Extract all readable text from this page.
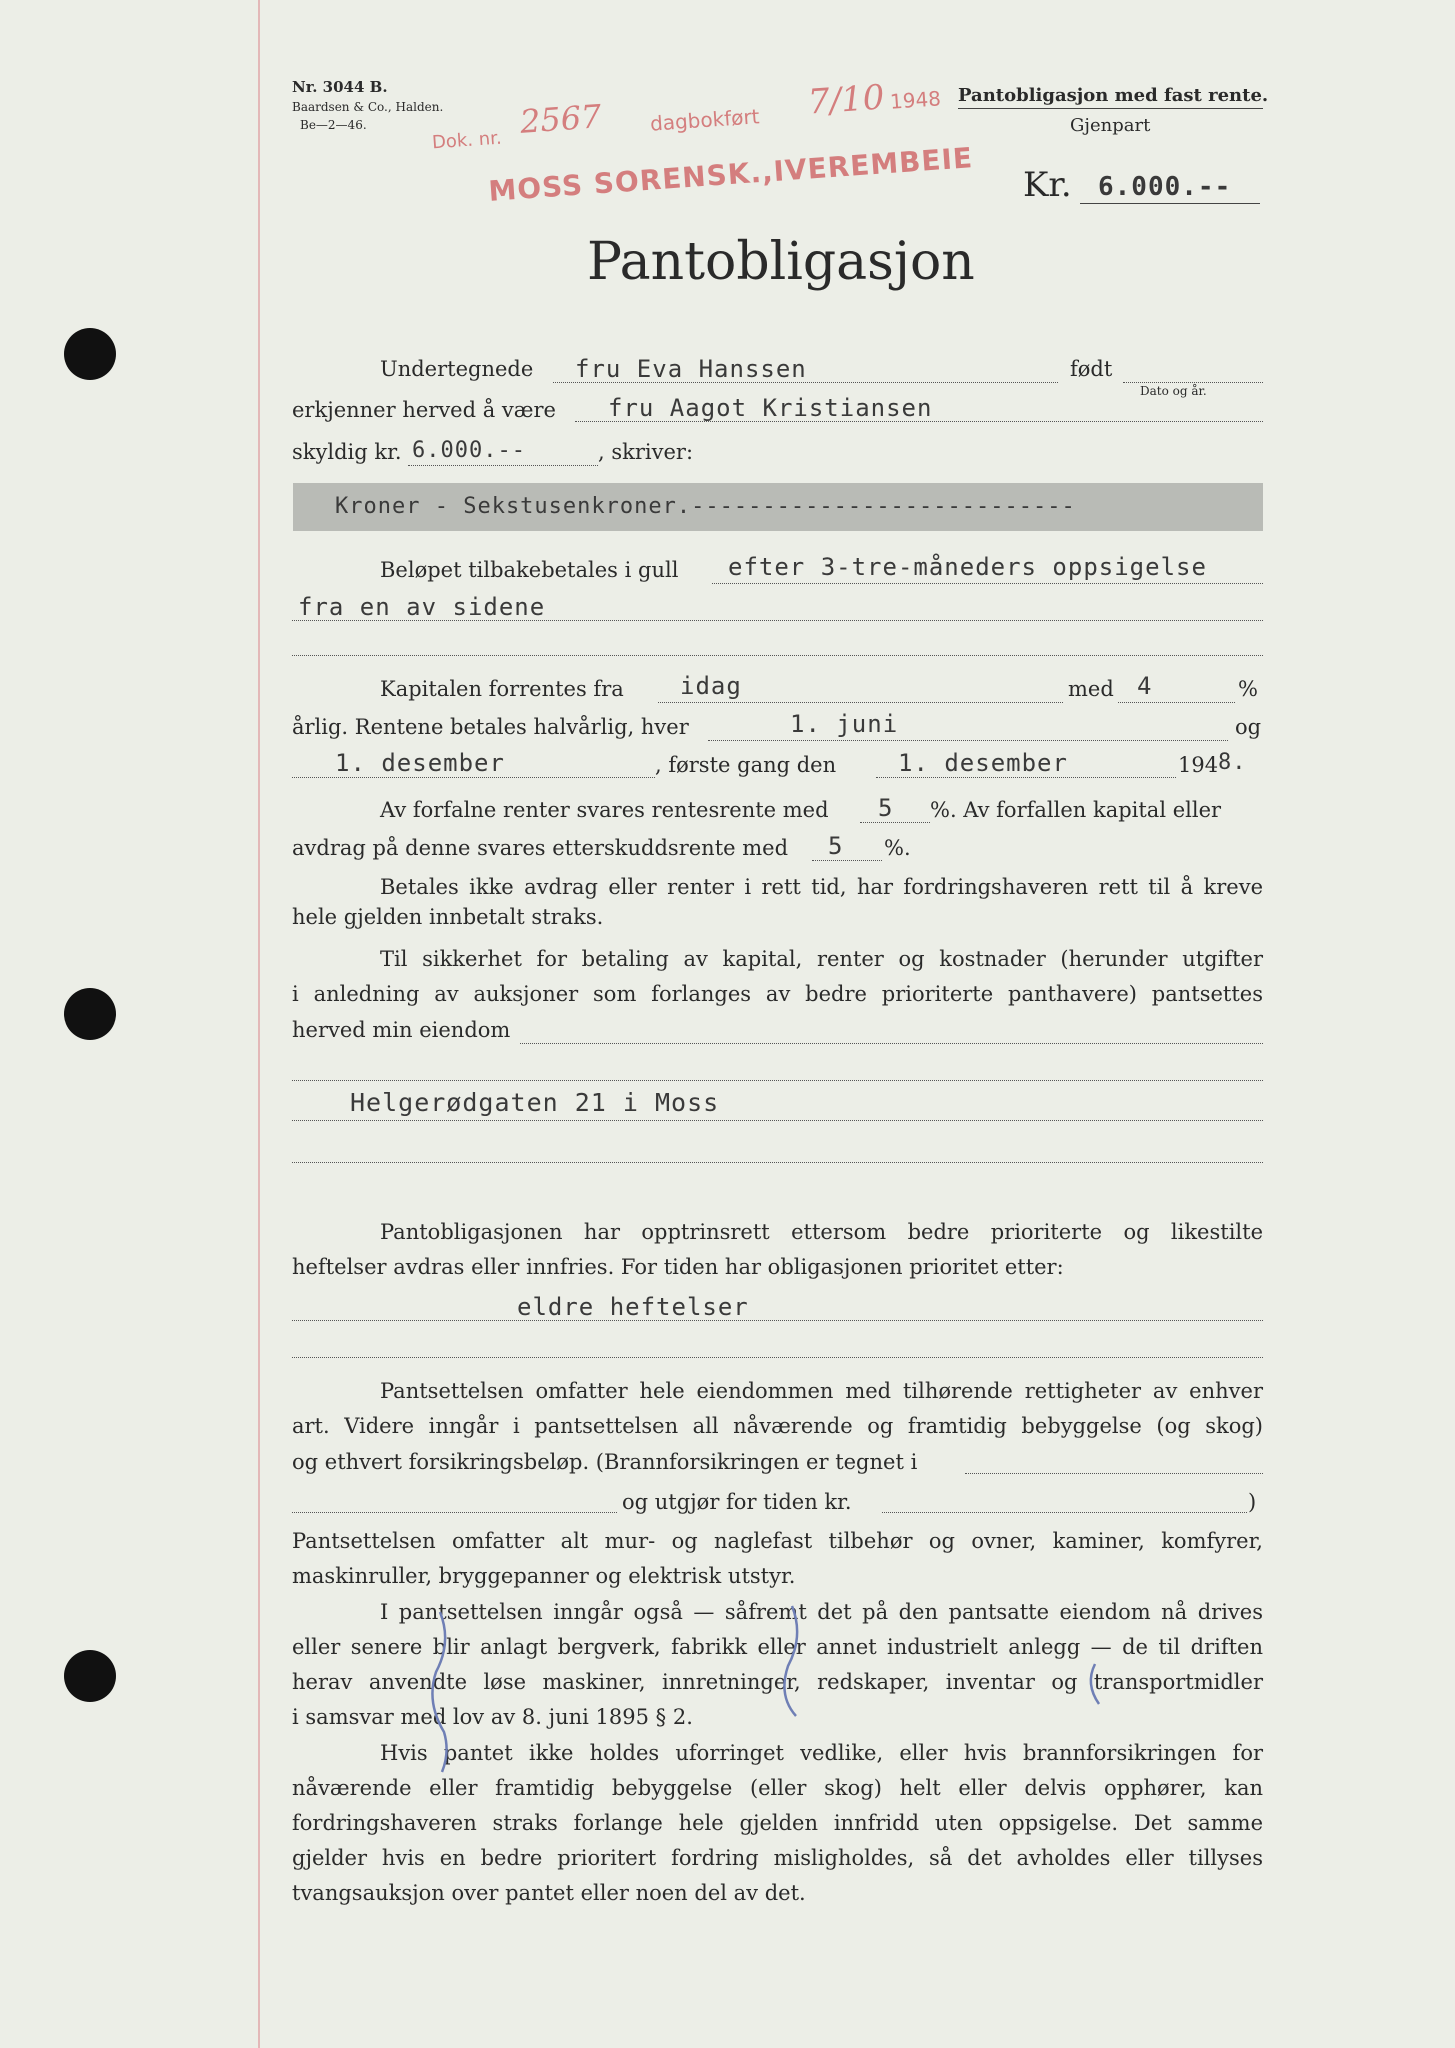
Nr. 3044 B.
Baardsen & Co., Halden.
Be—2—46.
Dok. nr. 2567 dagbokført 7/10 1948
MOSS SORENSK.,IVEREMBEIE
Pantobligasjon med fast rente.
Gjenpart
Kr. 6.000.--
Pantobligasjon
Undertegnede fru Eva Hanssen	født
Dato og år.
erkjenner herved å være fru Aagot Kristiansen
skyldig kr. 6.000.--	, skriver:
Kroner - Sekstusenkroner.---------------------------
Beløpet tilbakebetales i gull efter 3-tre-måneders oppsigelse
fra en av sidene
Kapitalen forrentes fra idag	med 4	%
årlig. Rentene betales halvårlig, hver	1. juni	og
1. desember	, første gang den	1. desember	194 8.
Av forfalne renter svares rentesrente med 5 %. Av forfallen kapital eller
avdrag på denne svares etterskuddsrente med 5 %.
Betales ikke avdrag eller renter i rett tid, har fordringshaveren rett til å kreve
hele gjelden innbetalt straks.
Til sikkerhet for betaling av kapital, renter og kostnader (herunder utgifter
i anledning av auksjoner som forlanges av bedre prioriterte panthavere) pantsettes
herved min eiendom
Helgerødgaten 21 i Moss
Pantobligasjonen har opptrinsrett ettersom bedre prioriterte og likestilte
heftelser avdras eller innfries. For tiden har obligasjonen prioritet etter:
eldre heftelser
Pantsettelsen omfatter hele eiendommen med tilhørende rettigheter av enhver
art. Videre inngår i pantsettelsen all nåværende og framtidig bebyggelse (og skog)
og ethvert forsikringsbeløp. (Brannforsikringen er tegnet i
og utgjør for tiden kr.	)
Pantsettelsen omfatter alt mur- og naglefast tilbehør og ovner, kaminer, komfyrer,
maskinruller, bryggepanner og elektrisk utstyr.
I pantsettelsen inngår også — såfremt det på den pantsatte eiendom nå drives
eller senere blir anlagt bergverk, fabrikk eller annet industrielt anlegg — de til driften
herav anvendte løse maskiner, innretninger, redskaper, inventar og transportmidler
i samsvar med lov av 8. juni 1895 § 2.
Hvis pantet ikke holdes uforringet vedlike, eller hvis brannforsikringen for
nåværende eller framtidig bebyggelse (eller skog) helt eller delvis opphører, kan
fordringshaveren straks forlange hele gjelden innfridd uten oppsigelse. Det samme
gjelder hvis en bedre prioritert fordring misligholdes, så det avholdes eller tillyses
tvangsauksjon over pantet eller noen del av det.
